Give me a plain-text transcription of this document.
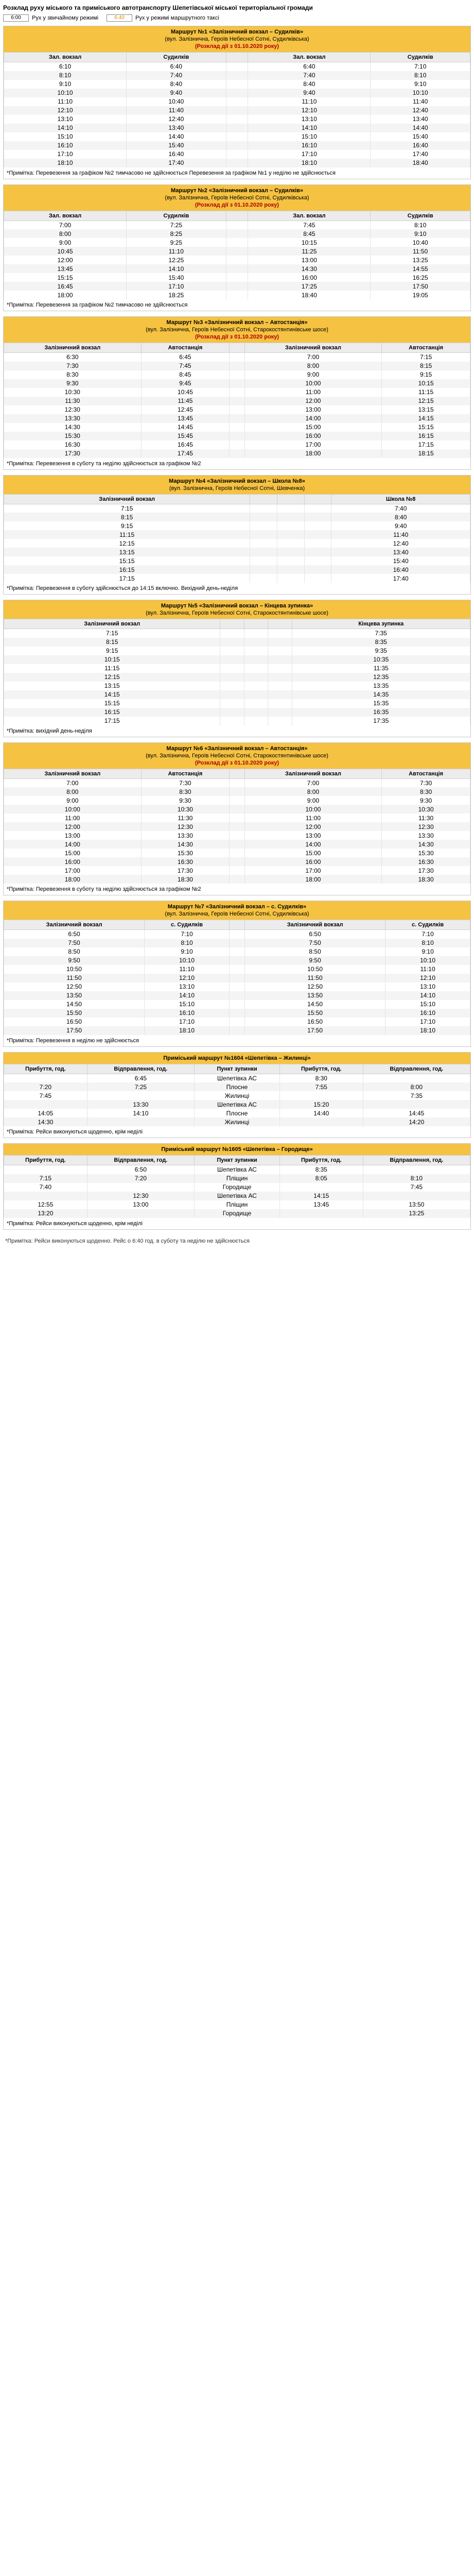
Розклад руху міського та приміського автотранспорту Шепетівської міської територіальної громади
6:00	Рух у звичайному режимі	6:40	Рух у режимі маршрутного таксі
Маршрут №1 «Залізничний вокзал – Судилків»
(вул. Залізнична, Героїв Небесної Сотні, Судилківська)
(Розклад дії з 01.10.2020 року)
Зал. вокзал	Судилків		Зал. вокзал	Судилків
6:10	6:40		6:40	7:10
8:10	7:40		7:40	8:10
9:10	8:40		8:40	9:10
10:10	9:40		9:40	10:10
11:10	10:40		11:10	11:40
12:10	11:40		12:10	12:40
13:10	12:40		13:10	13:40
14:10	13:40		14:10	14:40
15:10	14:40		15:10	15:40
16:10	15:40		16:10	16:40
17:10	16:40		17:10	17:40
18:10	17:40		18:10	18:40
*Примітка: Перевезення за графіком №2 тимчасово не здійснюється Перевезення за графіком №1 у неділю не здійснюється
Маршрут №2 «Залізничний вокзал – Судилків»
(вул. Залізнична, Героїв Небесної Сотні, Судилківська)
(Розклад дії з 01.10.2020 року)
Зал. вокзал	Судилків		Зал. вокзал	Судилків
7:00	7:25		7:45	8:10
8:00	8:25		8:45	9:10
9:00	9:25		10:15	10:40
10:45	11:10		11:25	11:50
12:00	12:25		13:00	13:25
13:45	14:10		14:30	14:55
15:15	15:40		16:00	16:25
16:45	17:10		17:25	17:50
18:00	18:25		18:40	19:05
*Примітка: Перевезення за графіком №2 тимчасово не здійснюється
Маршрут №3 «Залізничний вокзал – Автостанція»
(вул. Залізнична, Героїв Небесної Сотні, Старокостянтинівське шосе)
(Розклад дії з 01.10.2020 року)
Залізничний вокзал	Автостанція		Залізничний вокзал	Автостанція
6:30	6:45		7:00	7:15
7:30	7:45		8:00	8:15
8:30	8:45		9:00	9:15
9:30	9:45		10:00	10:15
10:30	10:45		11:00	11:15
11:30	11:45		12:00	12:15
12:30	12:45		13:00	13:15
13:30	13:45		14:00	14:15
14:30	14:45		15:00	15:15
15:30	15:45		16:00	16:15
16:30	16:45		17:00	17:15
17:30	17:45		18:00	18:15
*Примітка: Перевезення в суботу та неділю здійснюється за графіком №2
Маршрут №4 «Залізничний вокзал – Школа №8»
(вул. Залізнична, Героїв Небесної Сотні, Шевченка)
Залізничний вокзал				Школа №8
7:15				7:40
8:15				8:40
9:15				9:40
11:15				11:40
12:15				12:40
13:15				13:40
15:15				15:40
16:15				16:40
17:15				17:40
*Примітка: Перевезення в суботу здійснюється до 14:15 включно. Вихідний день-неділя
Маршрут №5 «Залізничний вокзал – Кінцева зупинка»
(вул. Залізнична, Героїв Небесної Сотні, Старокостянтинівське шосе)
Залізничний вокзал				Кінцева зупинка
7:15				7:35
8:15				8:35
9:15				9:35
10:15				10:35
11:15				11:35
12:15				12:35
13:15				13:35
14:15				14:35
15:15				15:35
16:15				16:35
17:15				17:35
*Примітка: вихідний день-неділя
Маршрут №6 «Залізничний вокзал – Автостанція»
(вул. Залізнична, Героїв Небесної Сотні, Старокостянтинівське шосе)
(Розклад дії з 01.10.2020 року)
Залізничний вокзал	Автостанція		Залізничний вокзал	Автостанція
7:00	7:30		7:00	7:30
8:00	8:30		8:00	8:30
9:00	9:30		9:00	9:30
10:00	10:30		10:00	10:30
11:00	11:30		11:00	11:30
12:00	12:30		12:00	12:30
13:00	13:30		13:00	13:30
14:00	14:30		14:00	14:30
15:00	15:30		15:00	15:30
16:00	16:30		16:00	16:30
17:00	17:30		17:00	17:30
18:00	18:30		18:00	18:30
*Примітка: Перевезення в суботу та неділю здійснюється за графіком №2
Маршрут №7 «Залізничний вокзал – с. Судилків»
(вул. Залізнична, Героїв Небесної Сотні, Судилківська)
Залізничний вокзал	с. Судилків		Залізничний вокзал	с. Судилків
6:50	7:10		6:50	7:10
7:50	8:10		7:50	8:10
8:50	9:10		8:50	9:10
9:50	10:10		9:50	10:10
10:50	11:10		10:50	11:10
11:50	12:10		11:50	12:10
12:50	13:10		12:50	13:10
13:50	14:10		13:50	14:10
14:50	15:10		14:50	15:10
15:50	16:10		15:50	16:10
16:50	17:10		16:50	17:10
17:50	18:10		17:50	18:10
*Примітка: Перевезення в неділю не здійснюється
Приміський маршрут №1604 «Шепетівка – Жилинці»
Прибуття, год.	Відправлення, год.	Пункт зупинки	Прибуття, год.	Відправлення, год.
	6:45	Шепетівка АС	8:30	
7:20	7:25	Плосне	7:55	8:00
7:45		Жилинці		7:35
	13:30	Шепетівка АС	15:20	
14:05	14:10	Плосне	14:40	14:45
14:30		Жилинці		14:20
*Примітка: Рейси виконуються щоденно, крім неділі
Приміський маршрут №1605 «Шепетівка – Городище»
Прибуття, год.	Відправлення, год.	Пункт зупинки	Прибуття, год.	Відправлення, год.
	6:50	Шепетівка АС	8:35	
7:15	7:20	Пліщин	8:05	8:10
7:40		Городище		7:45
	12:30	Шепетівка АС	14:15	
12:55	13:00	Пліщин	13:45	13:50
13:20		Городище		13:25
*Примітка: Рейси виконуються щоденно, крім неділі
*Примітка: Рейси виконуються щоденно. Рейс о 6:40 год. в суботу та неділю не здійснюється
